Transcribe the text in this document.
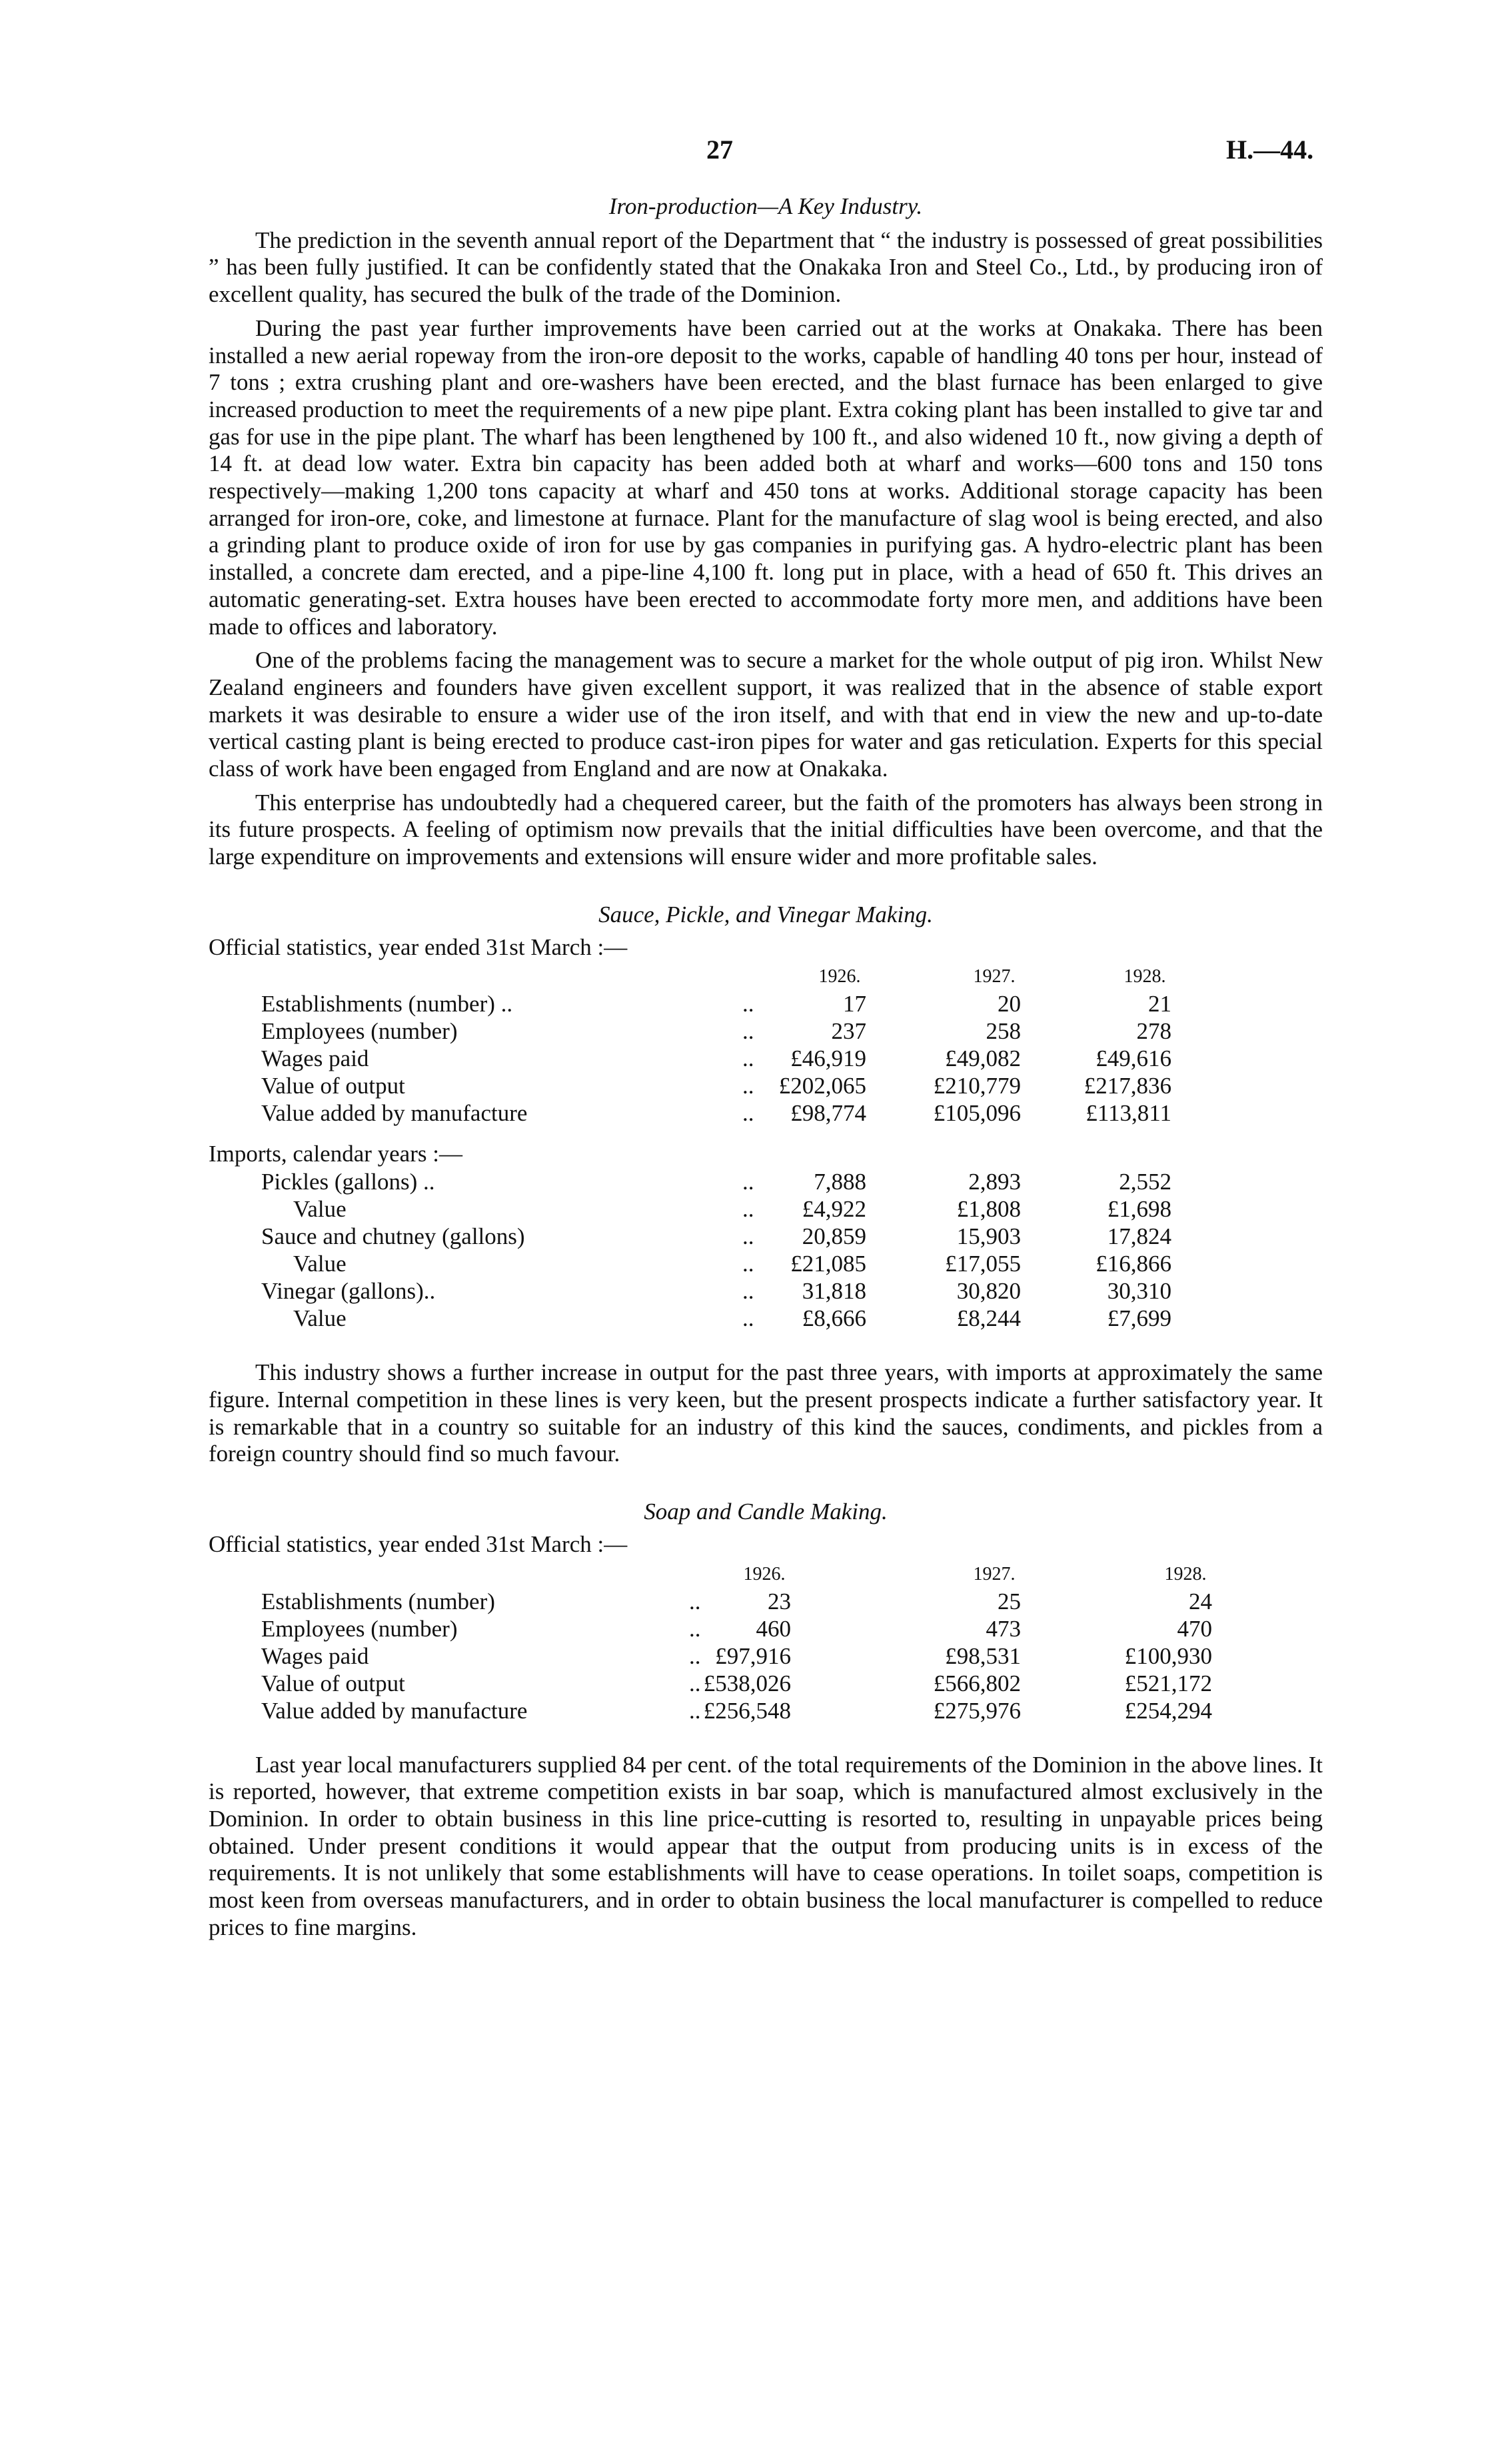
27	H.—44.
Iron-production—A Key Industry.

The prediction in the seventh annual report of the Department that “ the industry is possessed of great possibilities ” has been fully justified. It can be confidently stated that the Onakaka Iron and Steel Co., Ltd., by producing iron of excellent quality, has secured the bulk of the trade of the Dominion.

During the past year further improvements have been carried out at the works at Onakaka. There has been installed a new aerial ropeway from the iron-ore deposit to the works, capable of handling 40 tons per hour, instead of 7 tons ; extra crushing plant and ore-washers have been erected, and the blast furnace has been enlarged to give increased production to meet the requirements of a new pipe plant. Extra coking plant has been installed to give tar and gas for use in the pipe plant. The wharf has been lengthened by 100 ft., and also widened 10 ft., now giving a depth of 14 ft. at dead low water. Extra bin capacity has been added both at wharf and works—600 tons and 150 tons respectively—making 1,200 tons capacity at wharf and 450 tons at works. Additional storage capacity has been arranged for iron-ore, coke, and limestone at furnace. Plant for the manufacture of slag wool is being erected, and also a grinding plant to produce oxide of iron for use by gas companies in purifying gas. A hydro-electric plant has been installed, a concrete dam erected, and a pipe-line 4,100 ft. long put in place, with a head of 650 ft. This drives an automatic generating-set. Extra houses have been erected to accommodate forty more men, and additions have been made to offices and laboratory.

One of the problems facing the management was to secure a market for the whole output of pig iron. Whilst New Zealand engineers and founders have given excellent support, it was realized that in the absence of stable export markets it was desirable to ensure a wider use of the iron itself, and with that end in view the new and up-to-date vertical casting plant is being erected to produce cast-iron pipes for water and gas reticulation. Experts for this special class of work have been engaged from England and are now at Onakaka.

This enterprise has undoubtedly had a chequered career, but the faith of the promoters has always been strong in its future prospects. A feeling of optimism now prevails that the initial difficulties have been overcome, and that the large expenditure on improvements and extensions will ensure wider and more profitable sales.

Sauce, Pickle, and Vinegar Making.
Official statistics, year ended 31st March :—
1926.	1927.	1928.
Establishments (number) ..	..	17	20	21
Employees (number)	..	237	258	278
Wages paid	..	£46,919	£49,082	£49,616
Value of output	..	£202,065	£210,779	£217,836
Value added by manufacture	..	£98,774	£105,096	£113,811
Imports, calendar years :—
Pickles (gallons) ..	..	7,888	2,893	2,552
Value	..	£4,922	£1,808	£1,698
Sauce and chutney (gallons)	..	20,859	15,903	17,824
Value	..	£21,085	£17,055	£16,866
Vinegar (gallons)..	..	31,818	30,820	30,310
Value	..	£8,666	£8,244	£7,699

This industry shows a further increase in output for the past three years, with imports at approximately the same figure. Internal competition in these lines is very keen, but the present prospects indicate a further satisfactory year. It is remarkable that in a country so suitable for an industry of this kind the sauces, condiments, and pickles from a foreign country should find so much favour.

Soap and Candle Making.
Official statistics, year ended 31st March :—
1926.	1927.	1928.
Establishments (number)	..	23	25	24
Employees (number)	..	460	473	470
Wages paid	.. £97,916	£98,531	£100,930
Value of output	.. £538,026	£566,802	£521,172
Value added by manufacture	.. £256,548	£275,976	£254,294

Last year local manufacturers supplied 84 per cent. of the total requirements of the Dominion in the above lines. It is reported, however, that extreme competition exists in bar soap, which is manufactured almost exclusively in the Dominion. In order to obtain business in this line price-cutting is resorted to, resulting in unpayable prices being obtained. Under present conditions it would appear that the output from producing units is in excess of the requirements. It is not unlikely that some establishments will have to cease operations. In toilet soaps, competition is most keen from overseas manufacturers, and in order to obtain business the local manufacturer is compelled to reduce prices to fine margins.
